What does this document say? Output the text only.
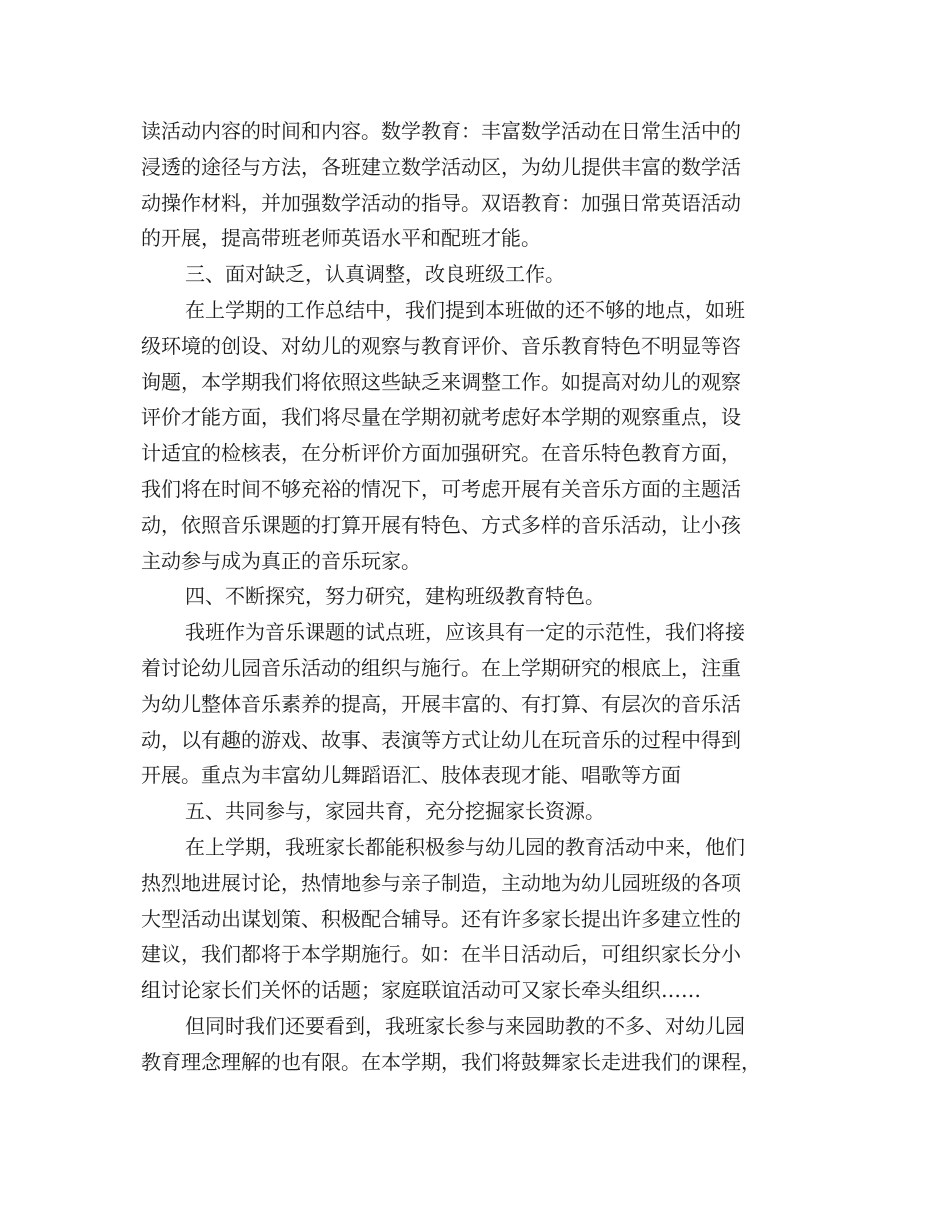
读活动内容的时间和内容。数学教育：丰富数学活动在日常生活中的
浸透的途径与方法，各班建立数学活动区，为幼儿提供丰富的数学活
动操作材料，并加强数学活动的指导。双语教育：加强日常英语活动
的开展，提高带班老师英语水平和配班才能。

三、面对缺乏，认真调整，改良班级工作。

在上学期的工作总结中，我们提到本班做的还不够的地点，如班
级环境的创设、对幼儿的观察与教育评价、音乐教育特色不明显等咨
询题，本学期我们将依照这些缺乏来调整工作。如提高对幼儿的观察
评价才能方面，我们将尽量在学期初就考虑好本学期的观察重点，设
计适宜的检核表，在分析评价方面加强研究。在音乐特色教育方面，
我们将在时间不够充裕的情况下，可考虑开展有关音乐方面的主题活
动，依照音乐课题的打算开展有特色、方式多样的音乐活动，让小孩
主动参与成为真正的音乐玩家。

四、不断探究，努力研究，建构班级教育特色。

我班作为音乐课题的试点班，应该具有一定的示范性，我们将接
着讨论幼儿园音乐活动的组织与施行。在上学期研究的根底上，注重
为幼儿整体音乐素养的提高，开展丰富的、有打算、有层次的音乐活
动，以有趣的游戏、故事、表演等方式让幼儿在玩音乐的过程中得到
开展。重点为丰富幼儿舞蹈语汇、肢体表现才能、唱歌等方面

五、共同参与，家园共育，充分挖掘家长资源。

在上学期，我班家长都能积极参与幼儿园的教育活动中来，他们
热烈地进展讨论，热情地参与亲子制造，主动地为幼儿园班级的各项
大型活动出谋划策、积极配合辅导。还有许多家长提出许多建立性的
建议，我们都将于本学期施行。如：在半日活动后，可组织家长分小
组讨论家长们关怀的话题；家庭联谊活动可又家长牵头组织……

但同时我们还要看到，我班家长参与来园助教的不多、对幼儿园
教育理念理解的也有限。在本学期，我们将鼓舞家长走进我们的课程，
